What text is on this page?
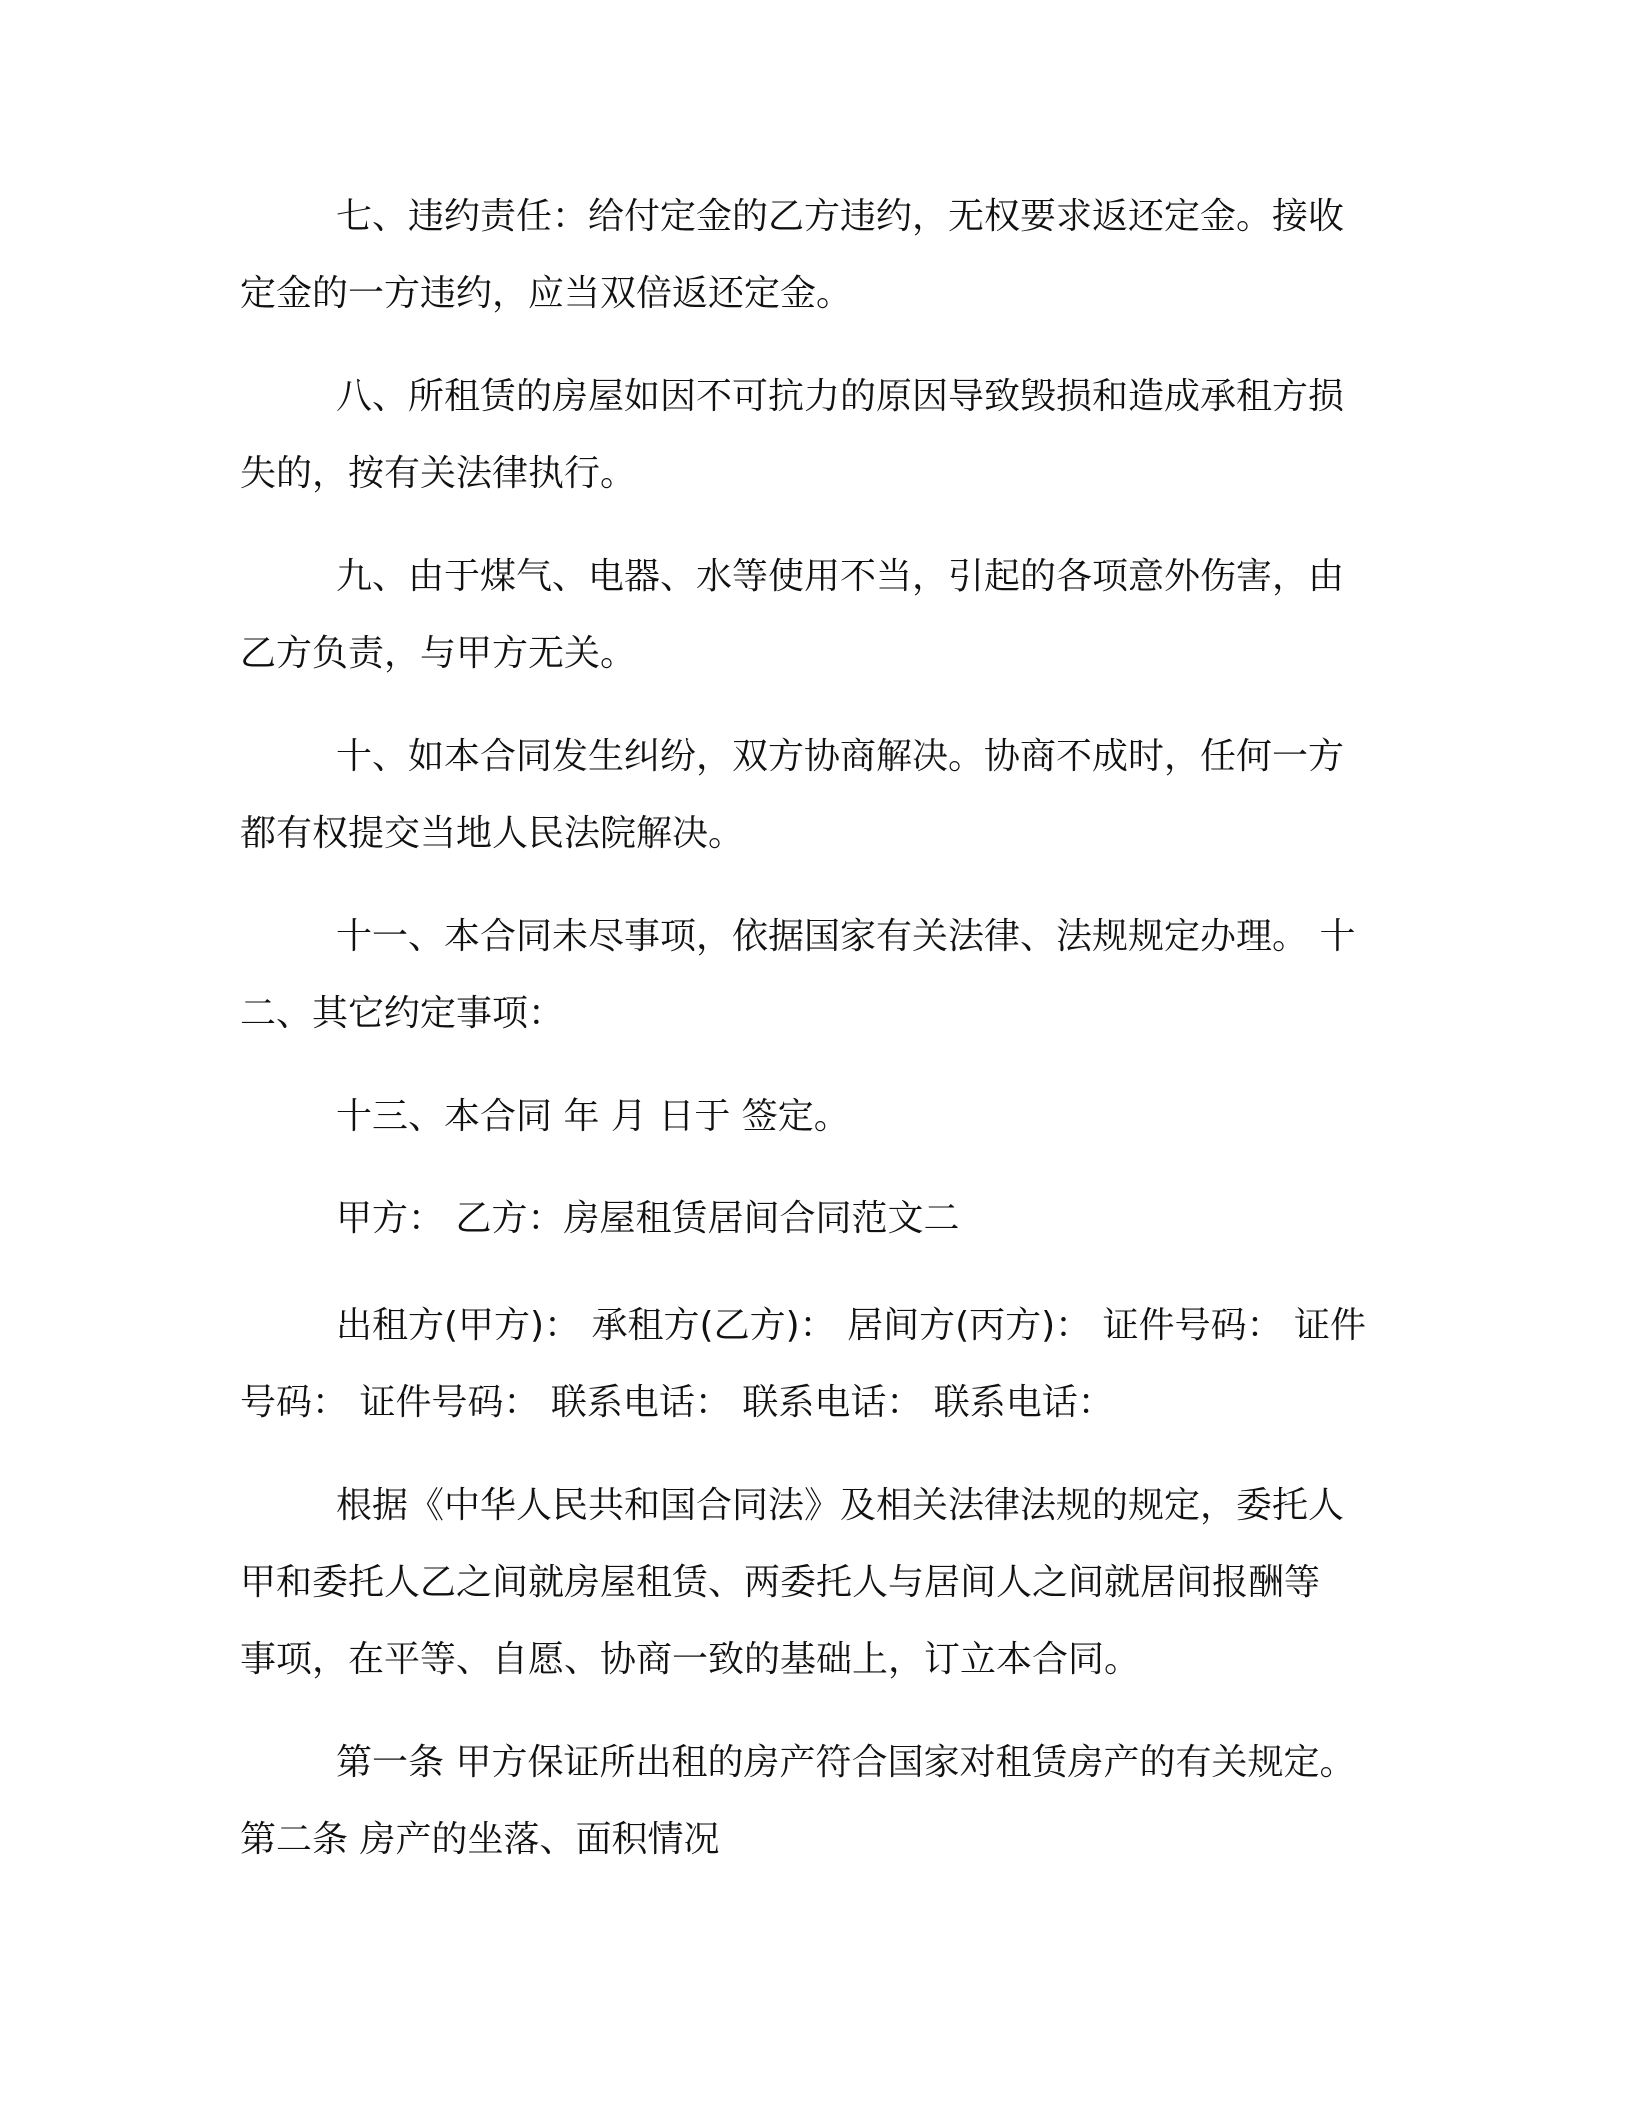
七、违约责任：给付定金的乙方违约，无权要求返还定金。接收
定金的一方违约，应当双倍返还定金。
八、所租赁的房屋如因不可抗力的原因导致毁损和造成承租方损
失的，按有关法律执行。
九、由于煤气、电器、水等使用不当，引起的各项意外伤害，由
乙方负责，与甲方无关。
十、如本合同发生纠纷，双方协商解决。协商不成时，任何一方
都有权提交当地人民法院解决。
十一、本合同未尽事项，依据国家有关法律、法规规定办理。 十
二、其它约定事项：
十三、本合同 年 月 日于 签定。
甲方： 乙方：房屋租赁居间合同范文二
出租方(甲方)： 承租方(乙方)： 居间方(丙方)： 证件号码： 证件
号码： 证件号码： 联系电话： 联系电话： 联系电话：
根据《中华人民共和国合同法》及相关法律法规的规定，委托人
甲和委托人乙之间就房屋租赁、两委托人与居间人之间就居间报酬等
事项，在平等、自愿、协商一致的基础上，订立本合同。
第一条 甲方保证所出租的房产符合国家对租赁房产的有关规定。
第二条 房产的坐落、面积情况
